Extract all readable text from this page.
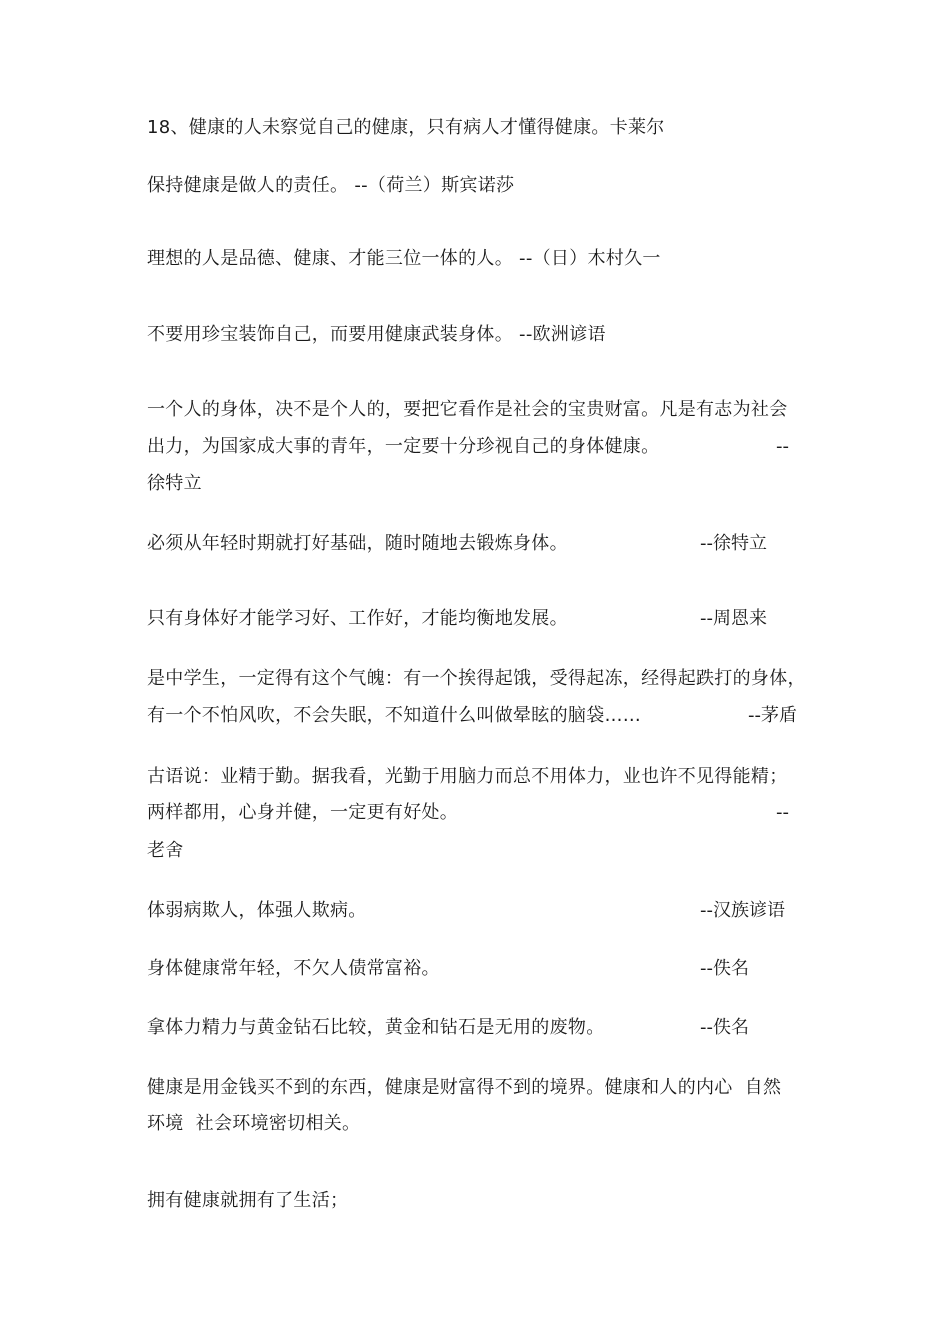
18、健康的人未察觉自己的健康，只有病人才懂得健康。卡莱尔
保持健康是做人的责任。 --（荷兰）斯宾诺莎
理想的人是品德、健康、才能三位一体的人。 --（日）木村久一
不要用珍宝装饰自己，而要用健康武装身体。 --欧洲谚语
一个人的身体，决不是个人的，要把它看作是社会的宝贵财富。凡是有志为社会
出力，为国家成大事的青年，一定要十分珍视自己的身体健康。	--
徐特立
必须从年轻时期就打好基础，随时随地去锻炼身体。	--徐特立
只有身体好才能学习好、工作好，才能均衡地发展。	--周恩来
是中学生，一定得有这个气魄：有一个挨得起饿，受得起冻，经得起跌打的身体，
有一个不怕风吹，不会失眠，不知道什么叫做晕眩的脑袋……	--茅盾
古语说：业精于勤。据我看，光勤于用脑力而总不用体力，业也许不见得能精；
两样都用，心身并健，一定更有好处。	--
老舍
体弱病欺人，体强人欺病。	--汉族谚语
身体健康常年轻，不欠人债常富裕。	--佚名
拿体力精力与黄金钻石比较，黄金和钻石是无用的废物。	--佚名
健康是用金钱买不到的东西，健康是财富得不到的境界。健康和人的内心  自然
环境  社会环境密切相关。
拥有健康就拥有了生活；
